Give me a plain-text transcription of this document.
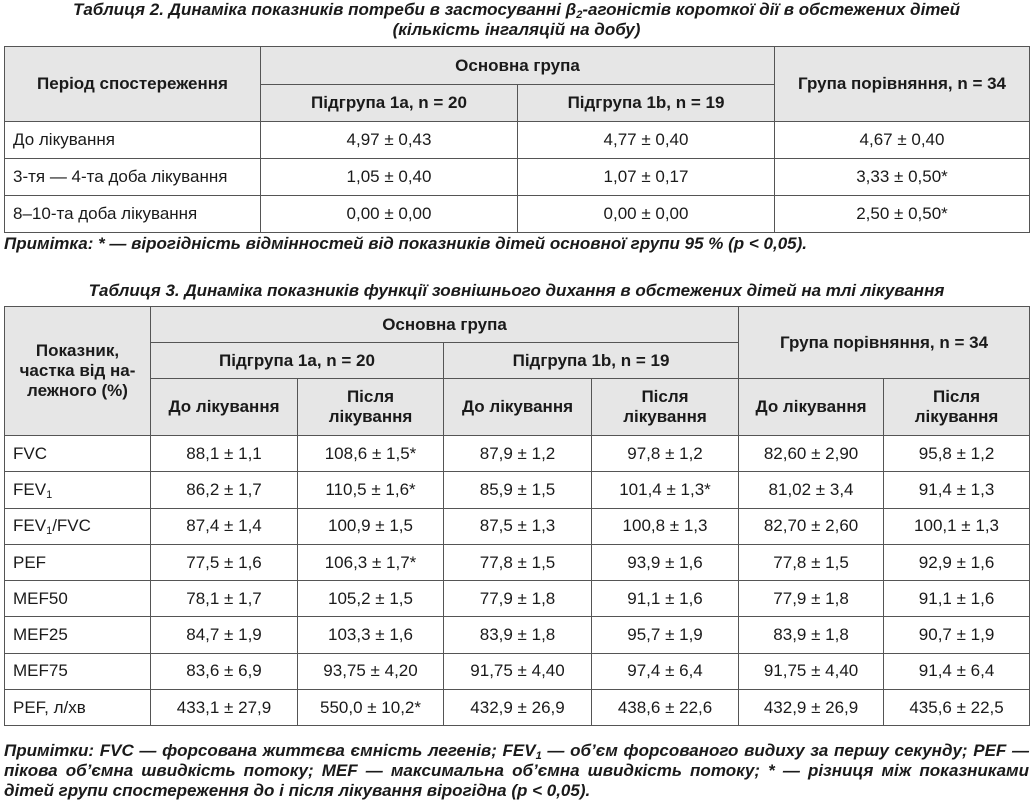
Таблиця 2. Динаміка показників потреби в застосуванні $\beta_2$-агоністів короткої дії в обстежених дітей
(кількість інгаляцій на добу)
Період спостереження	Основна група		Група порівняння, n = 34
	Підгрупа 1a, n = 20	Підгрупа 1b, n = 19	
До лікування	4,97 ± 0,43	4,77 ± 0,40	4,67 ± 0,40
3-тя — 4-та доба лікування	1,05 ± 0,40	1,07 ± 0,17	3,33 ± 0,50*
8–10-та доба лікування	0,00 ± 0,00	0,00 ± 0,00	2,50 ± 0,50*
Примітка: * — вірогідність відмінностей від показників дітей основної групи 95 % (p < 0,05).
Таблиця 3. Динаміка показників функції зовнішнього дихання в обстежених дітей на тлі лікування
Показник, частка від на-лежного (%)	Основна група				Група порівняння, n = 34	
	Підгрупа 1a, n = 20		Підгрупа 1b, n = 19			
	До лікування	Після лікування	До лікування	Після лікування	До лікування	Після лікування
FVC	88,1 ± 1,1	108,6 ± 1,5*	87,9 ± 1,2	97,8 ± 1,2	82,60 ± 2,90	95,8 ± 1,2
$FEV_1$	86,2 ± 1,7	110,5 ± 1,6*	85,9 ± 1,5	101,4 ± 1,3*	81,02 ± 3,4	91,4 ± 1,3
$FEV_1$/FVC	87,4 ± 1,4	100,9 ± 1,5	87,5 ± 1,3	100,8 ± 1,3	82,70 ± 2,60	100,1 ± 1,3
PEF	77,5 ± 1,6	106,3 ± 1,7*	77,8 ± 1,5	93,9 ± 1,6	77,8 ± 1,5	92,9 ± 1,6
MEF50	78,1 ± 1,7	105,2 ± 1,5	77,9 ± 1,8	91,1 ± 1,6	77,9 ± 1,8	91,1 ± 1,6
MEF25	84,7 ± 1,9	103,3 ± 1,6	83,9 ± 1,8	95,7 ± 1,9	83,9 ± 1,8	90,7 ± 1,9
MEF75	83,6 ± 6,9	93,75 ± 4,20	91,75 ± 4,40	97,4 ± 6,4	91,75 ± 4,40	91,4 ± 6,4
PEF, л/хв	433,1 ± 27,9	550,0 ± 10,2*	432,9 ± 26,9	438,6 ± 22,6	432,9 ± 26,9	435,6 ± 22,5
Примітки: FVC — форсована життєва ємність легенів; $FEV_1$ — об’єм форсованого видиху за першу секунду; PEF — пікова об’ємна швидкість потоку; MEF — максимальна об’ємна швидкість потоку; * — різниця між показниками дітей групи спостереження до і після лікування вірогідна (p < 0,05).
